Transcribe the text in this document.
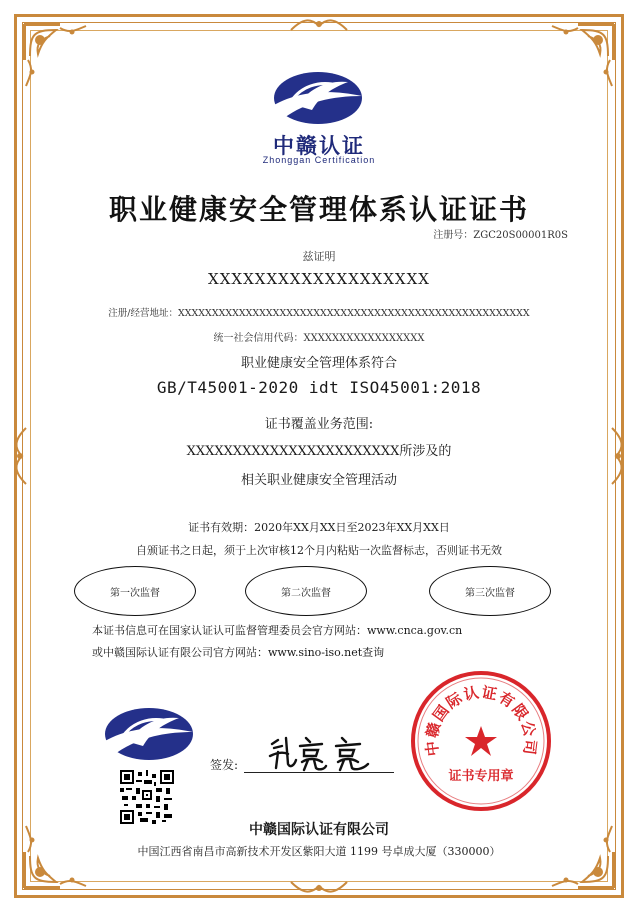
中赣认证
Zhonggan Certification
职业健康安全管理体系认证证书
注册号：ZGC20S00001R0S
兹证明
XXXXXXXXXXXXXXXXXXX
注册/经营地址：XXXXXXXXXXXXXXXXXXXXXXXXXXXXXXXXXXXXXXXXXXXXXXXXXXXX
统一社会信用代码：XXXXXXXXXXXXXXXXX
职业健康安全管理体系符合
GB/T45001-2020 idt ISO45001:2018
证书覆盖业务范围:
XXXXXXXXXXXXXXXXXXXXXXX所涉及的
相关职业健康安全管理活动
证书有效期：2020年XX月XX日至2023年XX月XX日
自颁证书之日起，须于上次审核12个月内粘贴一次监督标志，否则证书无效
第一次监督	第二次监督	第三次监督
本证书信息可在国家认证认可监督管理委员会官方网站：www.cnca.gov.cn
或中赣国际认证有限公司官方网站：www.sino-iso.net查询
签发:
中赣国际认证有限公司
证书专用章
中赣国际认证有限公司
中国江西省南昌市高新技术开发区紫阳大道 1199 号卓成大厦（330000）
